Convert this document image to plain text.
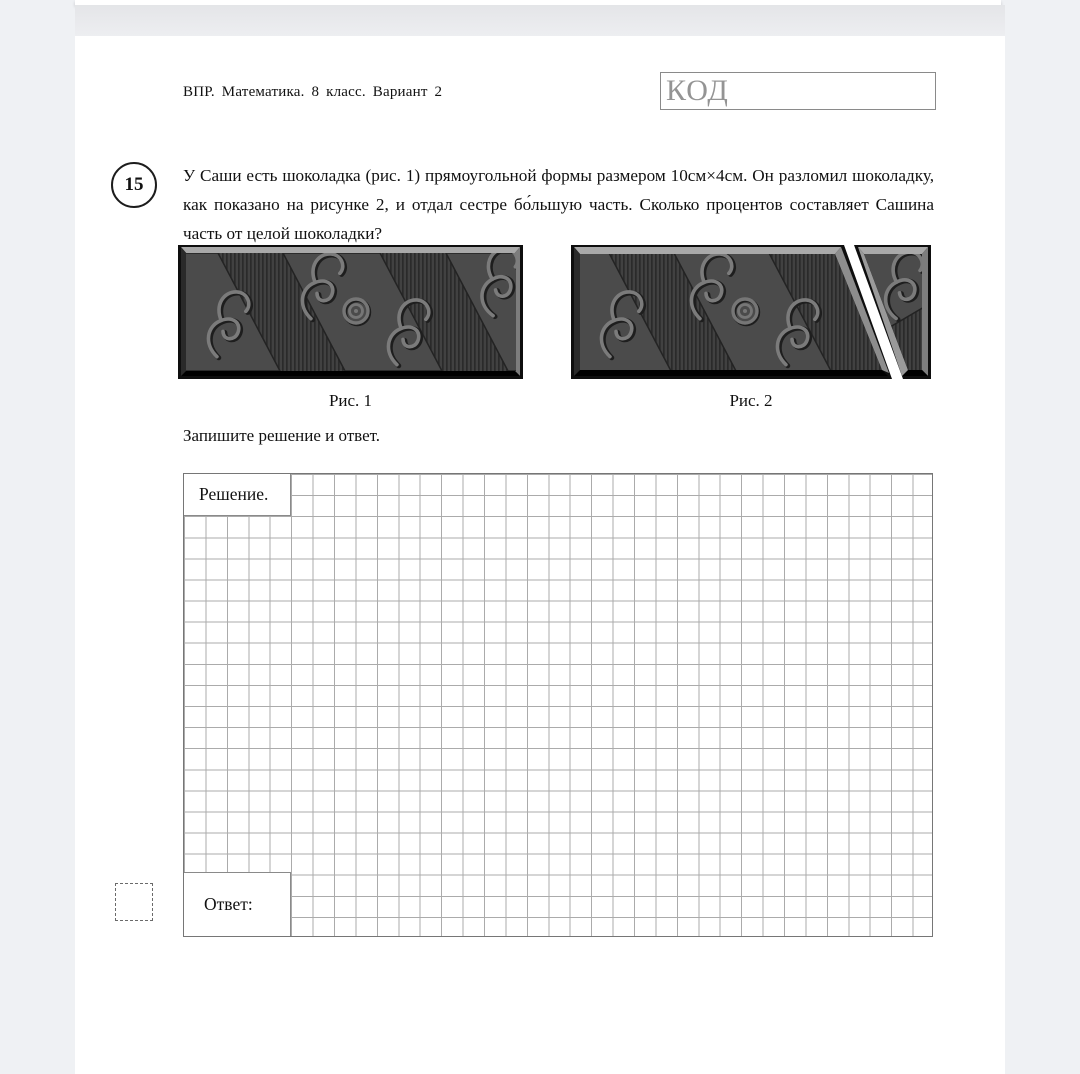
ВПР. Математика. 8 класс. Вариант 2	КОД
15 У Саши есть шоколадка (рис. 1) прямоугольной формы размером 10см×4см. Он разломил шоколадку, как показано на рисунке 2, и отдал сестре бо́льшую часть. Сколько процентов составляет Сашина часть от целой шоколадки?
Рис. 1	Рис. 2
Запишите решение и ответ.
Решение.
Ответ:
